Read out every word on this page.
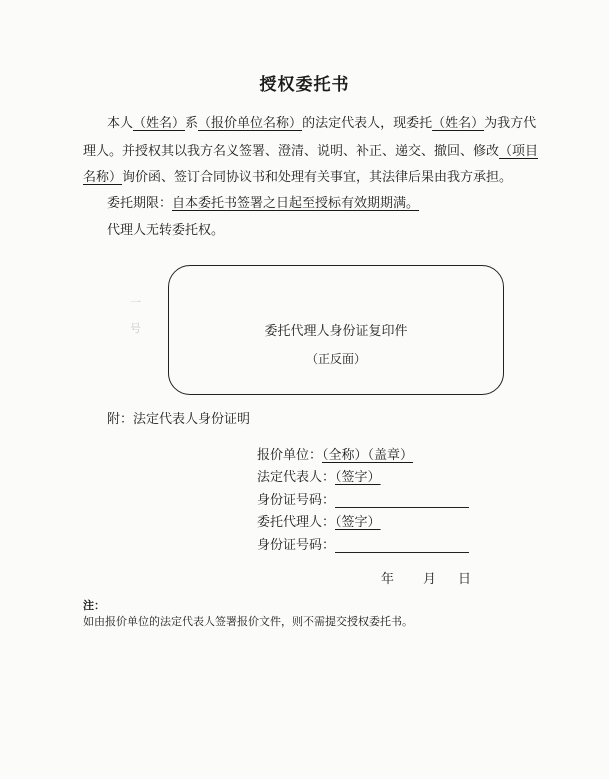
授权委托书
本人（姓名）系（报价单位名称）的法定代表人，现委托（姓名）为我方代
理人。并授权其以我方名义签署、澄清、说明、补正、递交、撤回、修改（项目
名称）询价函、签订合同协议书和处理有关事宜，其法律后果由我方承担。
委托期限：自本委托书签署之日起至授标有效期期满。
代理人无转委托权。
一
号	委托代理人身份证复印件
（正反面）
附：法定代表人身份证明
报价单位：（全称）（盖章）
法定代表人：（签字）
身份证号码：
委托代理人：（签字）
身份证号码：
年 月 日
注：
如由报价单位的法定代表人签署报价文件，则不需提交授权委托书。
